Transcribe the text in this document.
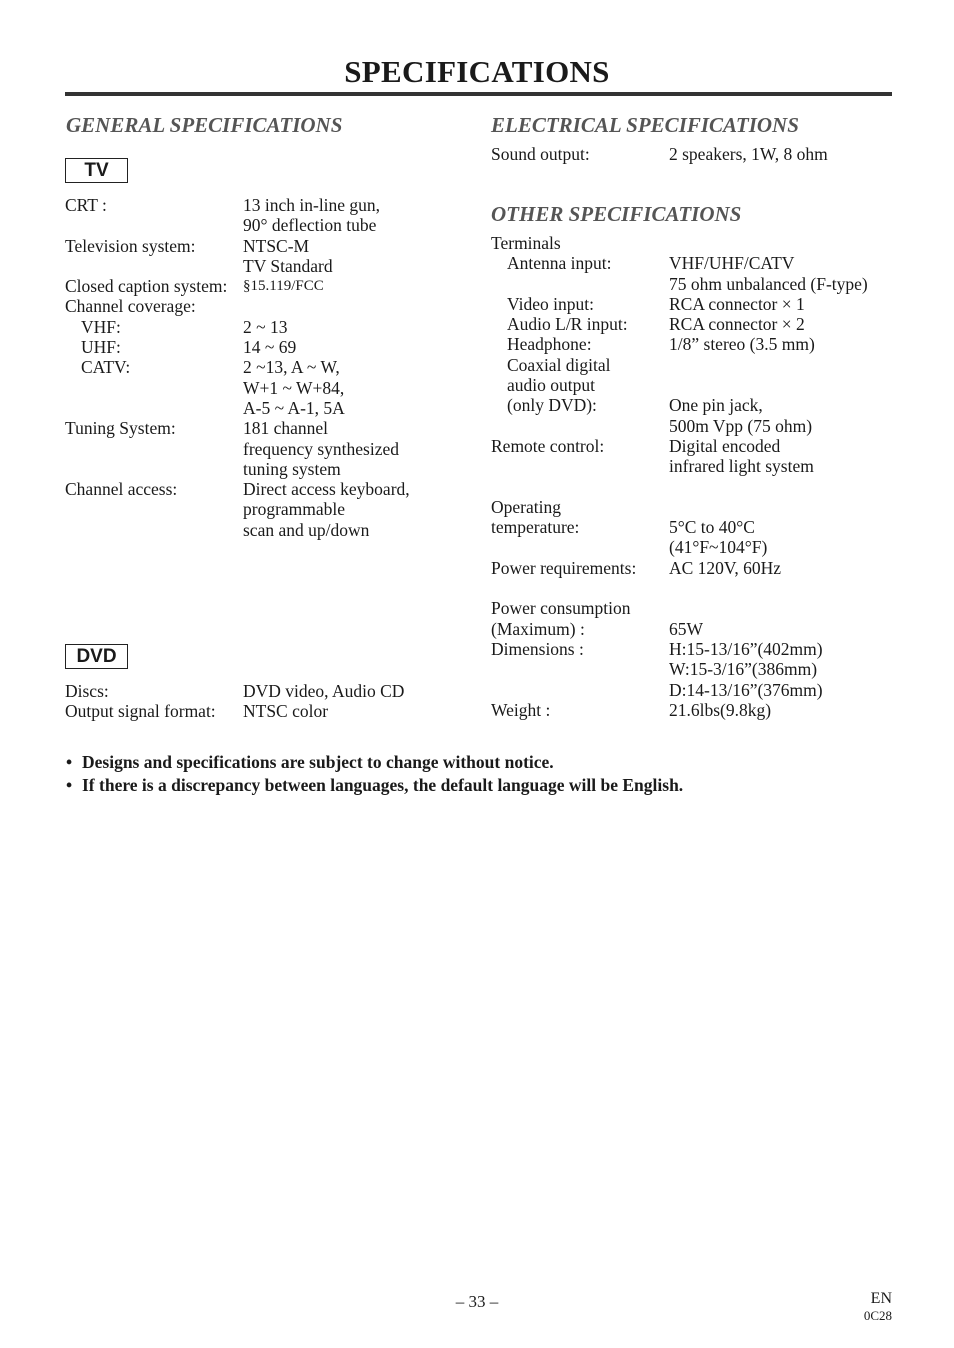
SPECIFICATIONS
GENERAL SPECIFICATIONS
TV
CRT :	13 inch in-line gun,
90° deflection tube
Television system:	NTSC-M
TV Standard
Closed caption system:	§15.119/FCC
Channel coverage:
VHF:	2 ~ 13
UHF:	14 ~ 69
CATV:	2 ~13, A ~ W,
W+1 ~ W+84,
A-5 ~ A-1, 5A
Tuning System:	181 channel
frequency synthesized
tuning system
Channel access:	Direct access keyboard,
programmable
scan and up/down
DVD
Discs:	DVD video, Audio CD
Output signal format:	NTSC color
ELECTRICAL SPECIFICATIONS
Sound output:	2 speakers, 1W, 8 ohm
OTHER SPECIFICATIONS
Terminals
Antenna input:	VHF/UHF/CATV
75 ohm unbalanced (F-type)
Video input:	RCA connector × 1
Audio L/R input:	RCA connector × 2
Headphone:	1/8” stereo (3.5 mm)
Coaxial digital
audio output
(only DVD):	One pin jack,
500m Vpp (75 ohm)
Remote control:	Digital encoded
infrared light system
Operating
temperature:	5°C to 40°C
(41°F~104°F)
Power requirements:	AC 120V, 60Hz
Power consumption
(Maximum) :	65W
Dimensions :	H:15-13/16”(402mm)
W:15-3/16”(386mm)
D:14-13/16”(376mm)
Weight :	21.6lbs(9.8kg)
• Designs and specifications are subject to change without notice.
• If there is a discrepancy between languages, the default language will be English.
– 33 –	EN
0C28
